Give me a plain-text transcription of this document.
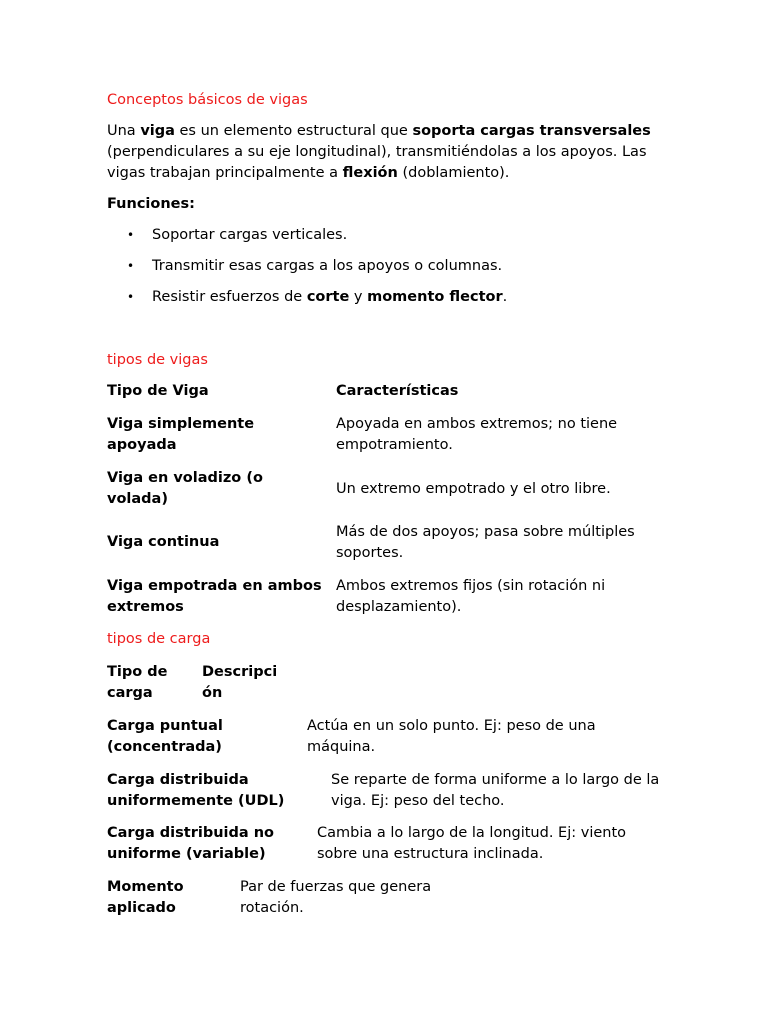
Conceptos básicos de vigas
Una viga es un elemento estructural que soporta cargas transversales (perpendiculares a su eje longitudinal), transmitiéndolas a los apoyos. Las vigas trabajan principalmente a flexión (doblamiento).
Funciones:
• Soportar cargas verticales.
• Transmitir esas cargas a los apoyos o columnas.
• Resistir esfuerzos de corte y momento flector.
tipos de vigas
Tipo de Viga	Características
Viga simplemente apoyada
Apoyada en ambos extremos; no tiene empotramiento.
Viga en voladizo (o volada)
Un extremo empotrado y el otro libre.
Viga continua
Más de dos apoyos; pasa sobre múltiples soportes.
Viga empotrada en ambos extremos
Ambos extremos fijos (sin rotación ni desplazamiento).
tipos de carga
Tipo de carga
Descripción
Carga puntual (concentrada)
Actúa en un solo punto. Ej: peso de una máquina.
Carga distribuida uniformemente (UDL)
Se reparte de forma uniforme a lo largo de la viga. Ej: peso del techo.
Carga distribuida no uniforme (variable)
Cambia a lo largo de la longitud. Ej: viento sobre una estructura inclinada.
Momento aplicado
Par de fuerzas que genera rotación.
